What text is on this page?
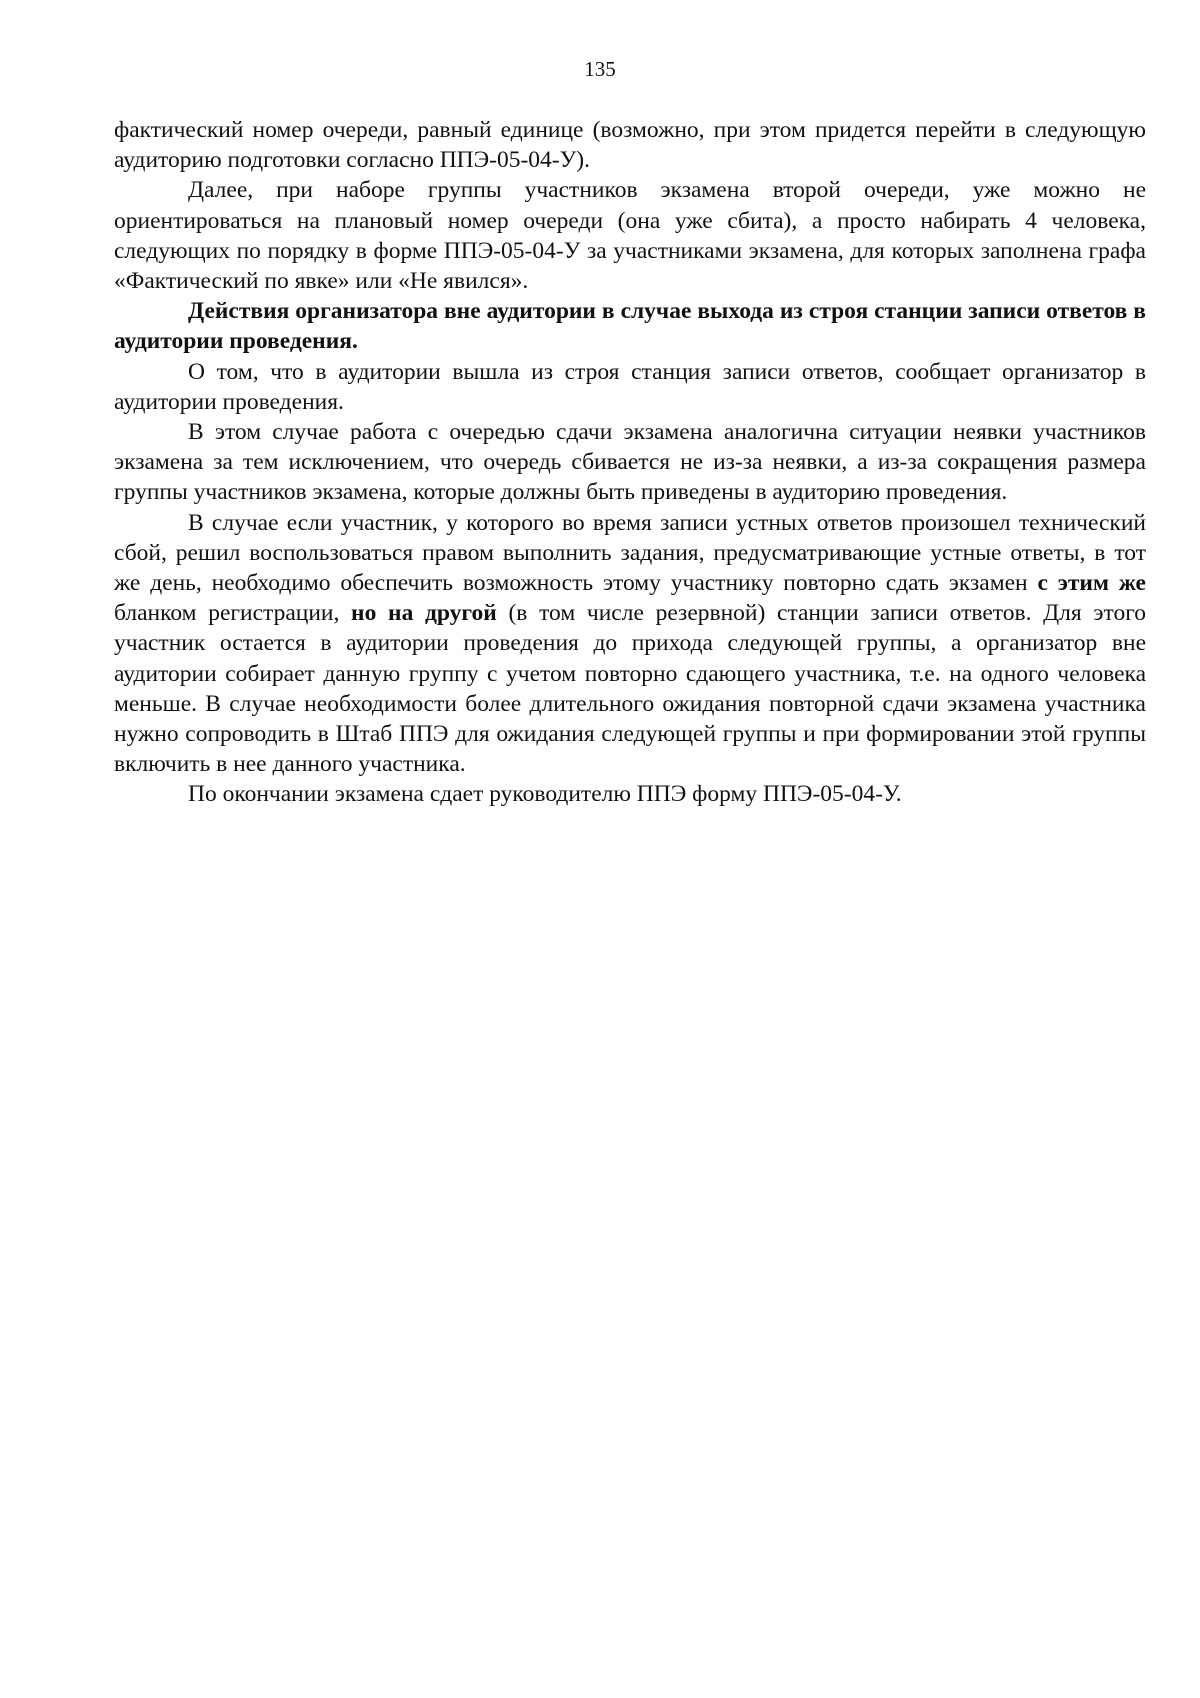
135

фактический номер очереди, равный единице (возможно, при этом придется перейти в следующую аудиторию подготовки согласно ППЭ-05-04-У).

Далее, при наборе группы участников экзамена второй очереди, уже можно не ориентироваться на плановый номер очереди (она уже сбита), а просто набирать 4 человека, следующих по порядку в форме ППЭ-05-04-У за участниками экзамена, для которых заполнена графа «Фактический по явке» или «Не явился».

Действия организатора вне аудитории в случае выхода из строя станции записи ответов в аудитории проведения.

О том, что в аудитории вышла из строя станция записи ответов, сообщает организатор в аудитории проведения.

В этом случае работа с очередью сдачи экзамена аналогична ситуации неявки участников экзамена за тем исключением, что очередь сбивается не из-за неявки, а из-за сокращения размера группы участников экзамена, которые должны быть приведены в аудиторию проведения.

В случае если участник, у которого во время записи устных ответов произошел технический сбой, решил воспользоваться правом выполнить задания, предусматривающие устные ответы, в тот же день, необходимо обеспечить возможность этому участнику повторно сдать экзамен с этим же бланком регистрации, но на другой (в том числе резервной) станции записи ответов. Для этого участник остается в аудитории проведения до прихода следующей группы, а организатор вне аудитории собирает данную группу с учетом повторно сдающего участника, т.е. на одного человека меньше. В случае необходимости более длительного ожидания повторной сдачи экзамена участника нужно сопроводить в Штаб ППЭ для ожидания следующей группы и при формировании этой группы включить в нее данного участника.

По окончании экзамена сдает руководителю ППЭ форму ППЭ-05-04-У.
